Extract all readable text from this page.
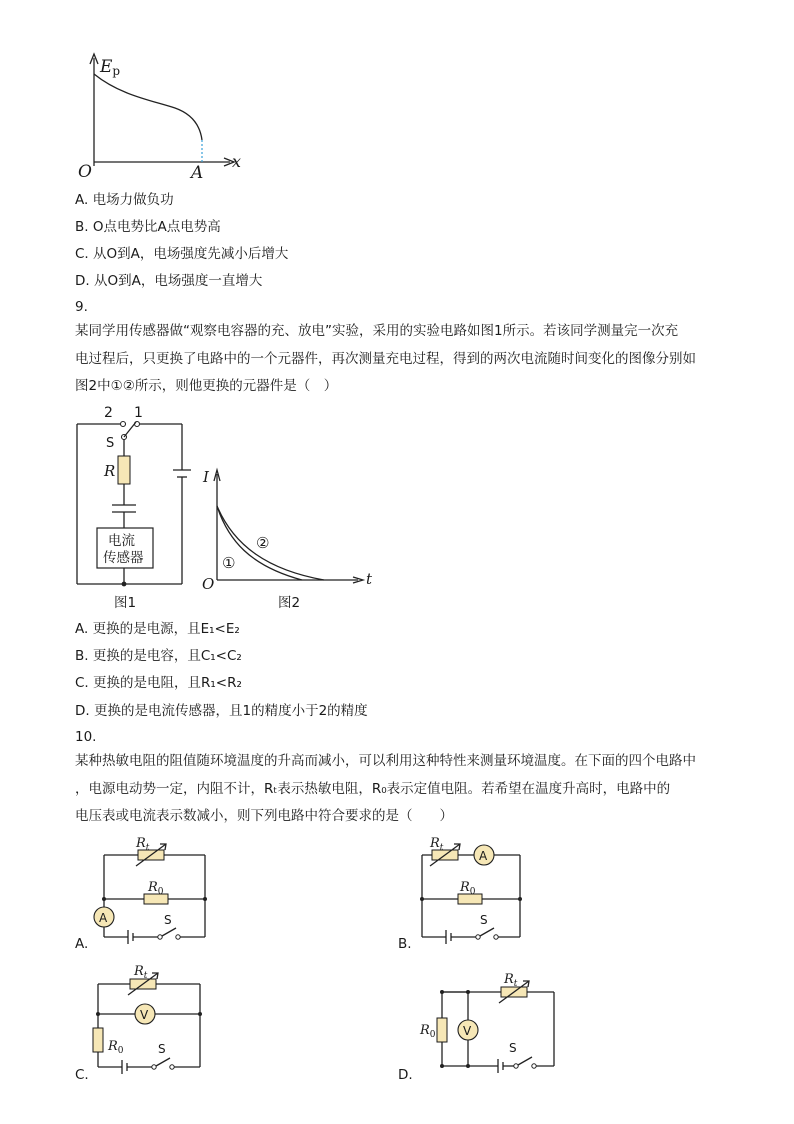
Ep
x
O	A
A. 电场力做负功
B. O点电势比A点电势高
C. 从O到A，电场强度先减小后增大
D. 从O到A，电场强度一直增大
9.
某同学用传感器做“观察电容器的充、放电”实验，采用的实验电路如图1所示。若该同学测量完一次充
电过程后，只更换了电路中的一个元器件，再次测量充电过程，得到的两次电流随时间变化的图像分别如
图2中①②所示，则他更换的元器件是（　）
2 1
S
R
电流
传感器
图1
I
t
O
①
②
图2
A. 更换的是电源，且E₁<E₂
B. 更换的是电容，且C₁<C₂
C. 更换的是电阻，且R₁<R₂
D. 更换的是电流传感器，且1的精度小于2的精度
10.
某种热敏电阻的阻值随环境温度的升高而减小，可以利用这种特性来测量环境温度。在下面的四个电路中
，电源电动势一定，内阻不计，Rₜ表示热敏电阻，R₀表示定值电阻。若希望在温度升高时，电路中的
电压表或电流表示数减小，则下列电路中符合要求的是（　　）
$R_t$
$R_0$
A	S
A.
$R_t$
$R_0$
A
S
B.
$R_t$
$R_0$
V
S
C.
$R_t$
$R_0$ V
S
D.
